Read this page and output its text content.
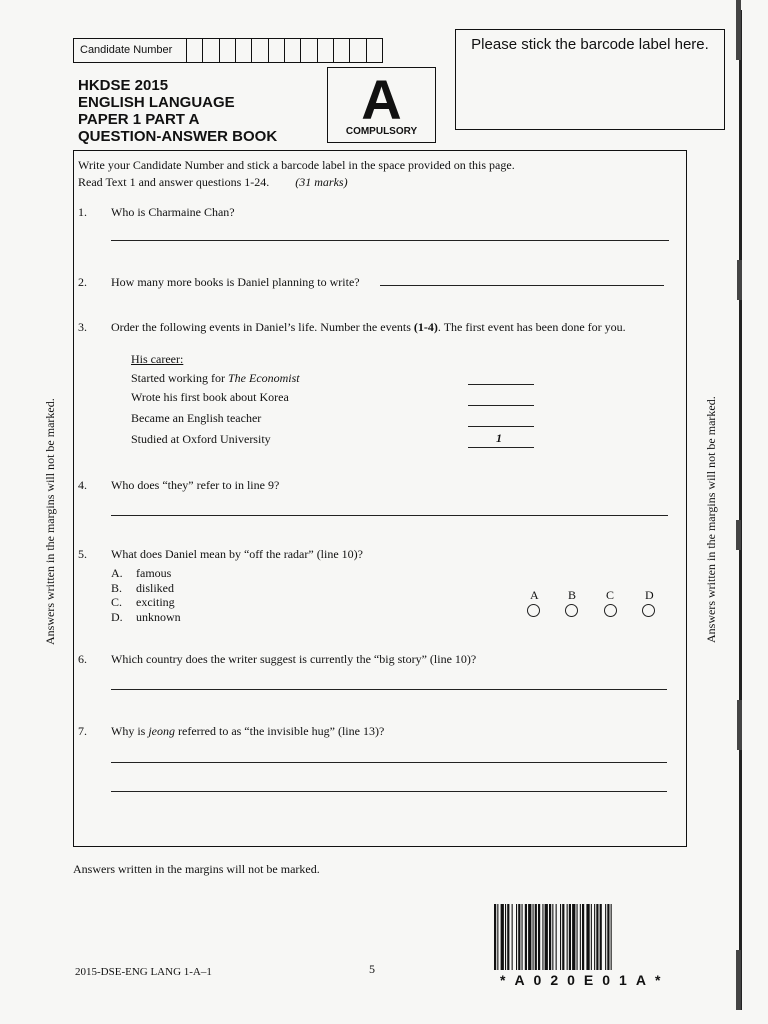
Candidate Number	Please stick the barcode label here.
HKDSE 2015
ENGLISH LANGUAGE
PAPER 1 PART A
QUESTION-ANSWER BOOK
A
COMPULSORY
Write your Candidate Number and stick a barcode label in the space provided on this page.
Read Text 1 and answer questions 1-24. (31 marks)
1. Who is Charmaine Chan?
2. How many more books is Daniel planning to write?
3. Order the following events in Daniel’s life. Number the events (1-4). The first event has been done for you.
His career:
Started working for The Economist
Wrote his first book about Korea
Became an English teacher
Studied at Oxford University	1
4. Who does “they” refer to in line 9?
5. What does Daniel mean by “off the radar” (line 10)?
A. famous
B. disliked
C. exciting
D. unknown
A B C	D
6. Which country does the writer suggest is currently the “big story” (line 10)?
7. Why is jeong referred to as “the invisible hug” (line 13)?
Answers written in the margins will not be marked.
Answers written in the margins will not be marked.	Answers written in the margins will not be marked.
2015-DSE-ENG LANG 1-A–1	5
*A020E01A*
